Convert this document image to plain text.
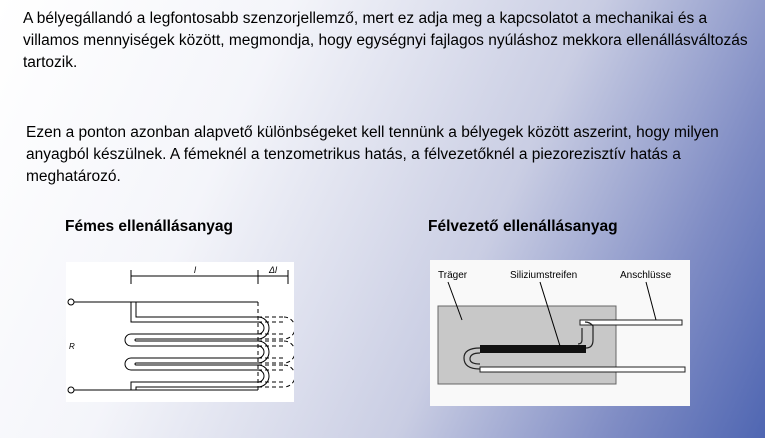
A bélyegállandó a legfontosabb szenzorjellemző, mert ez adja meg a kapcsolatot a mechanikai és a villamos mennyiségek között, megmondja, hogy egységnyi fajlagos nyúláshoz mekkora ellenállásváltozás tartozik.

Ezen a ponton azonban alapvető különbségeket kell tennünk a bélyegek között aszerint, hogy milyen anyagból készülnek. A fémeknél a tenzometrikus hatás, a félvezetőknél a piezorezisztív hatás a meghatározó.

Fémes ellenállásanyag	Félvezető ellenállásanyag

l	Δl
R
Träger	Siliziumstreifen	Anschlüsse
